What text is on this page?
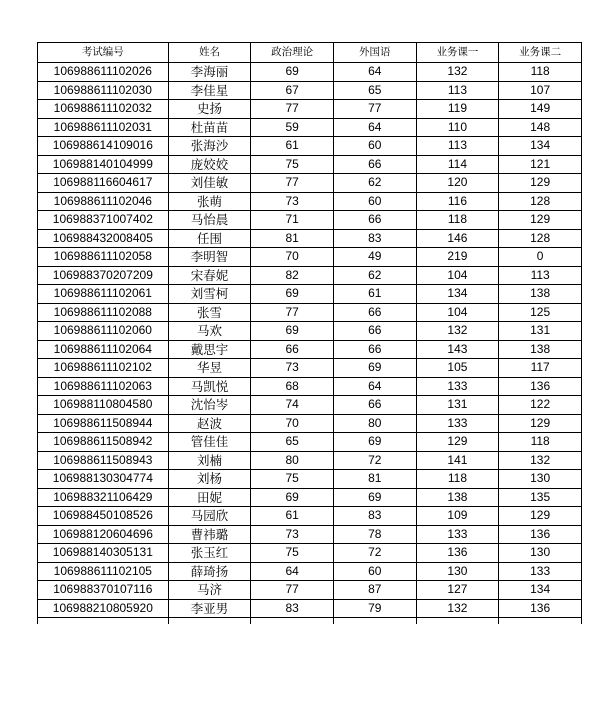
考试编号	姓名	政治理论	外国语	业务课一	业务课二
106988611102026	李海丽	69	64	132	118
106988611102030	李佳星	67	65	113	107
106988611102032	史扬	77	77	119	149
106988611102031	杜苗苗	59	64	110	148
106988614109016	张海沙	61	60	113	134
106988140104999	庞姣姣	75	66	114	121
106988116604617	刘佳敏	77	62	120	129
106988611102046	张萌	73	60	116	128
106988371007402	马怡晨	71	66	118	129
106988432008405	任围	81	83	146	128
106988611102058	李明智	70	49	219	0
106988370207209	宋春妮	82	62	104	113
106988611102061	刘雪柯	69	61	134	138
106988611102088	张雪	77	66	104	125
106988611102060	马欢	69	66	132	131
106988611102064	戴思宇	66	66	143	138
106988611102102	华昱	73	69	105	117
106988611102063	马凯悦	68	64	133	136
106988110804580	沈怡岑	74	66	131	122
106988611508944	赵波	70	80	133	129
106988611508942	管佳佳	65	69	129	118
106988611508943	刘楠	80	72	141	132
106988130304774	刘杨	75	81	118	130
106988321106429	田妮	69	69	138	135
106988450108526	马园欣	61	83	109	129
106988120604696	曹祎璐	73	78	133	136
106988140305131	张玉红	75	72	136	130
106988611102105	薛琦扬	64	60	130	133
106988370107116	马济	77	87	127	134
106988210805920	李亚男	83	79	132	136
